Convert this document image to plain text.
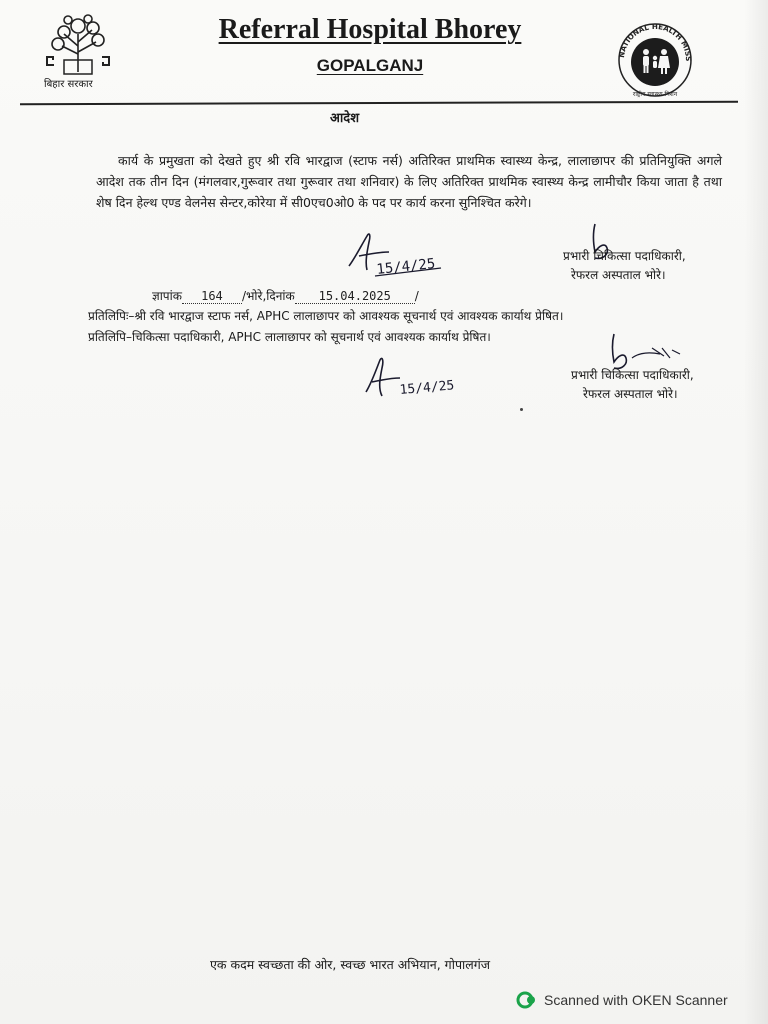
बिहार सरकार
Referral Hospital Bhorey
GOPALGANJ
NATIONAL HEALTH MISS
राष्ट्रीय स्वास्थ्य मिशन
आदेश
कार्य के प्रमुखता को देखते हुए श्री रवि भारद्वाज (स्टाफ नर्स) अतिरिक्त प्राथमिक स्वास्थ्य केन्द्र, लालाछापर की प्रतिनियुक्ति अगले आदेश तक तीन दिन (मंगलवार,गुरूवार तथा गुरूवार तथा शनिवार) के लिए अतिरिक्त प्राथमिक स्वास्थ्य केन्द्र लामीचौर किया जाता है तथा शेष दिन हेल्थ एण्ड वेलनेस सेन्टर,कोरेया में सी0एच0ओ0 के पद पर कार्य करना सुनिश्चित करेगे।
15/4/25	प्रभारी चिकित्सा पदाधिकारी,
रेफरल अस्पताल भोरे।
ज्ञापांक 164 /भोरे,दिनांक 15.04.2025 /
प्रतिलिपिः–श्री रवि भारद्वाज स्टाफ नर्स, APHC लालाछापर को आवश्यक सूचनार्थ एवं आवश्यक कार्याथ प्रेषित।
प्रतिलिपि–चिकित्सा पदाधिकारी, APHC लालाछापर को सूचनार्थ एवं आवश्यक कार्याथ प्रेषित।
15/4/25
प्रभारी चिकित्सा पदाधिकारी,
रेफरल अस्पताल भोरे।
एक कदम स्वच्छता की ओर, स्वच्छ भारत अभियान, गोपालगंज
Scanned with OKEN Scanner
